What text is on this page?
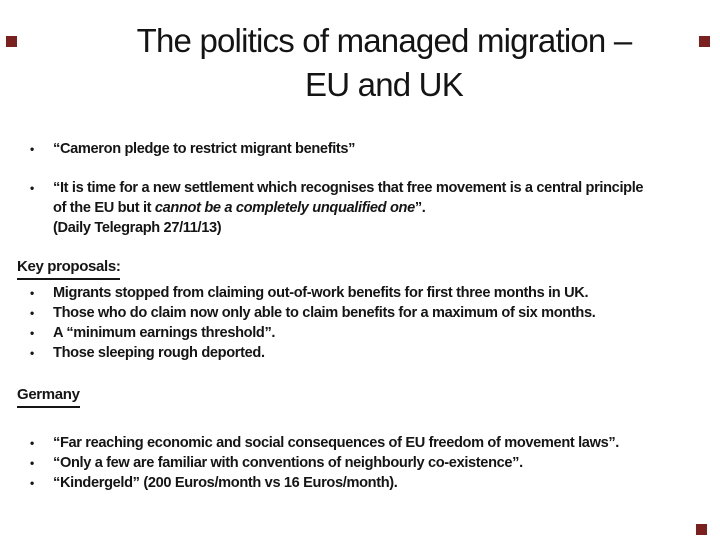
The politics of managed migration –
EU and UK
•	“Cameron pledge to restrict migrant benefits”
•	“It is time for a new settlement which recognises that free movement is a central principle
of the EU but it cannot be a completely unqualified one”.
(Daily Telegraph 27/11/13)
Key proposals:
•	Migrants stopped from claiming out-of-work benefits for first three months in UK.
•	Those who do claim now only able to claim benefits for a maximum of six months.
•	A “minimum earnings threshold”.
•	Those sleeping rough deported.
Germany
•	“Far reaching economic and social consequences of EU freedom of movement laws”.
•	“Only a few are familiar with conventions of neighbourly co-existence”.
•	“Kindergeld” (200 Euros/month vs 16 Euros/month).
